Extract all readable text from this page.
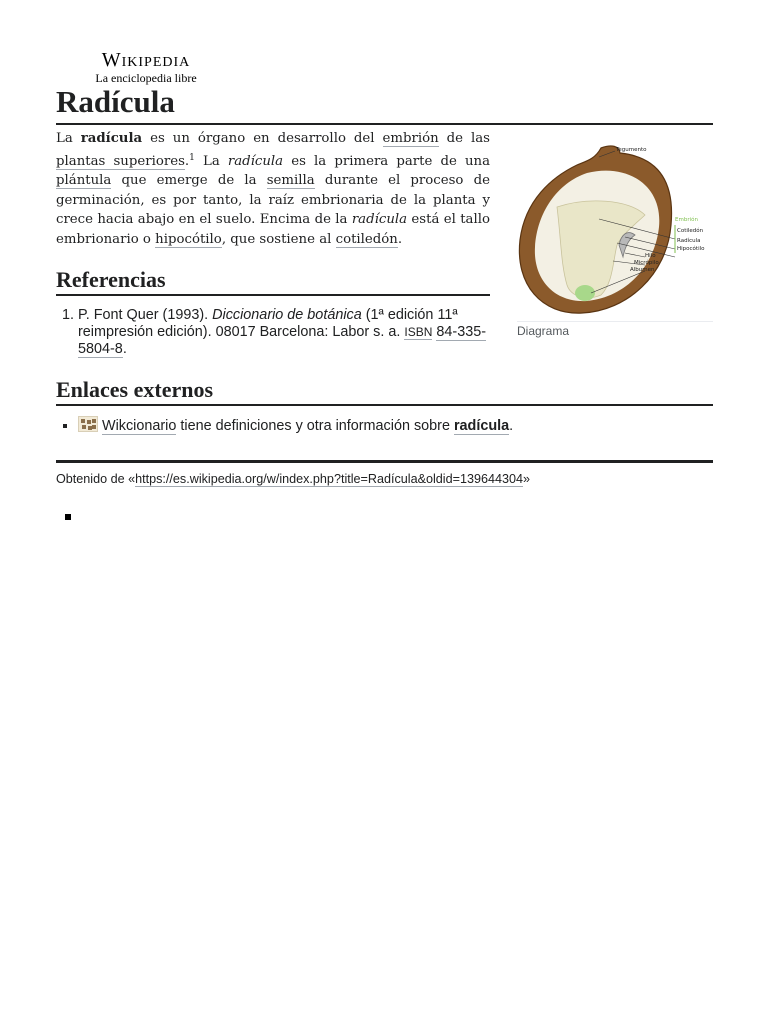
Wikipedia
La enciclopedia libre
Radícula

La radícula es un órgano en desarrollo del embrión de las plantas superiores.$^1$ La radícula es la primera parte de una plántula que emerge de la semilla durante el proceso de germinación, es por tanto, la raíz embrionaria de la planta y crece hacia abajo en el suelo. Encima de la radícula está el tallo embrionario o hipocótilo, que sostiene al cotiledón.

Tegumento
Embrión
Cotiledón
Radícula
Hipocótilo
Hilo
Micrópilo
Albumen
Diagrama
Referencias
1. P. Font Quer (1993). Diccionario de botánica (1ª edición 11ª reimpresión edición). 08017 Barcelona: Labor s. a. ISBN 84-335-5804-8.
Enlaces externos
▪ Wikcionario tiene definiciones y otra información sobre radícula.
Obtenido de «https://es.wikipedia.org/w/index.php?title=Radícula&oldid=139644304»
